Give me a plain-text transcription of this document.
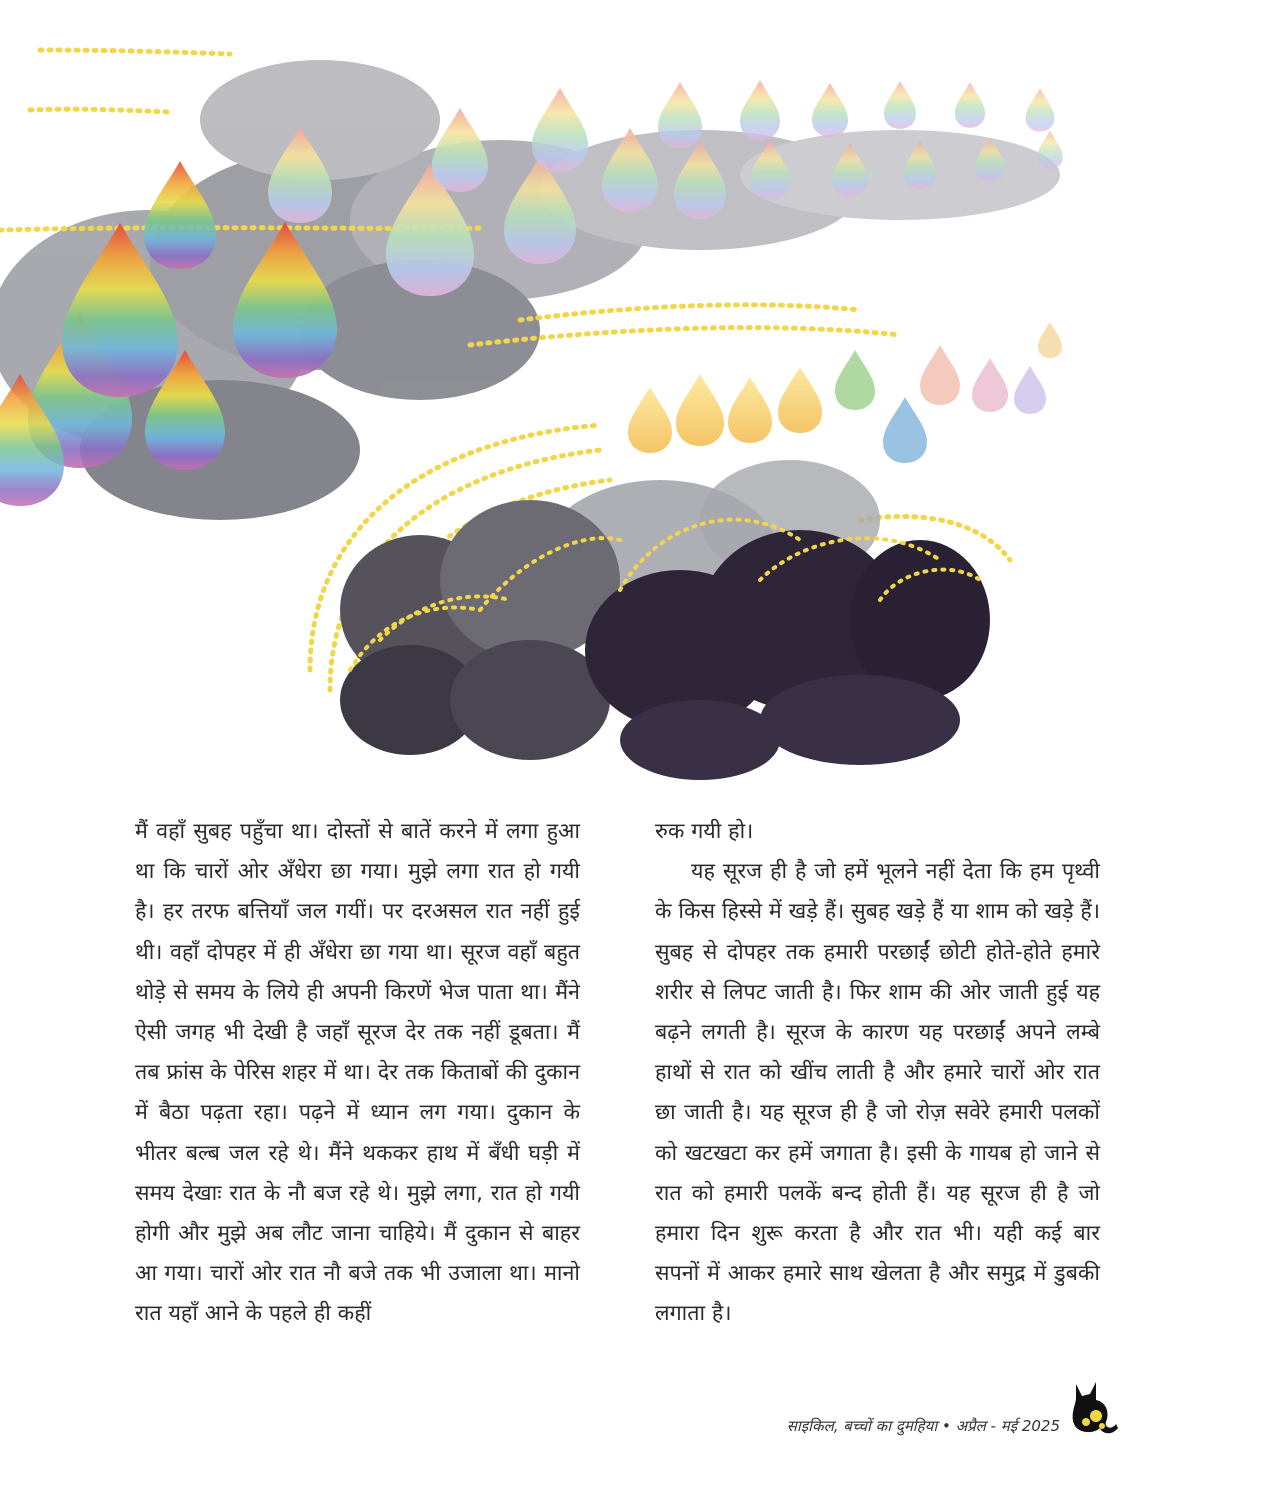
मैं वहाँ सुबह पहुँचा था। दोस्तों से बातें करने में लगा हुआ था कि चारों ओर अँधेरा छा गया। मुझे लगा रात हो गयी है। हर तरफ बत्तियाँ जल गयीं। पर दरअसल रात नहीं हुई थी। वहाँ दोपहर में ही अँधेरा छा गया था। सूरज वहाँ बहुत थोड़े से समय के लिये ही अपनी किरणें भेज पाता था। मैंने ऐसी जगह भी देखी है जहाँ सूरज देर तक नहीं डूबता। मैं तब फ्रांस के पेरिस शहर में था। देर तक किताबों की दुकान में बैठा पढ़ता रहा। पढ़ने में ध्यान लग गया। दुकान के भीतर बल्ब जल रहे थे। मैंने थककर हाथ में बँधी घड़ी में समय देखाः रात के नौ बज रहे थे। मुझे लगा, रात हो गयी होगी और मुझे अब लौट जाना चाहिये। मैं दुकान से बाहर आ गया। चारों ओर रात नौ बजे तक भी उजाला था। मानो रात यहाँ आने के पहले ही कहीं

रुक गयी हो।

यह सूरज ही है जो हमें भूलने नहीं देता कि हम पृथ्वी के किस हिस्से में खड़े हैं। सुबह खड़े हैं या शाम को खड़े हैं। सुबह से दोपहर तक हमारी परछाईं छोटी होते-होते हमारे शरीर से लिपट जाती है। फिर शाम की ओर जाती हुई यह बढ़ने लगती है। सूरज के कारण यह परछाईं अपने लम्बे हाथों से रात को खींच लाती है और हमारे चारों ओर रात छा जाती है। यह सूरज ही है जो रोज़ सवेरे हमारी पलकों को खटखटा कर हमें जगाता है। इसी के गायब हो जाने से रात को हमारी पलकें बन्द होती हैं। यह सूरज ही है जो हमारा दिन शुरू करता है और रात भी। यही कई बार सपनों में आकर हमारे साथ खेलता है और समुद्र में डुबकी लगाता है।

साइकिल, बच्चों का दुमहिया • अप्रैल - मई 2025
